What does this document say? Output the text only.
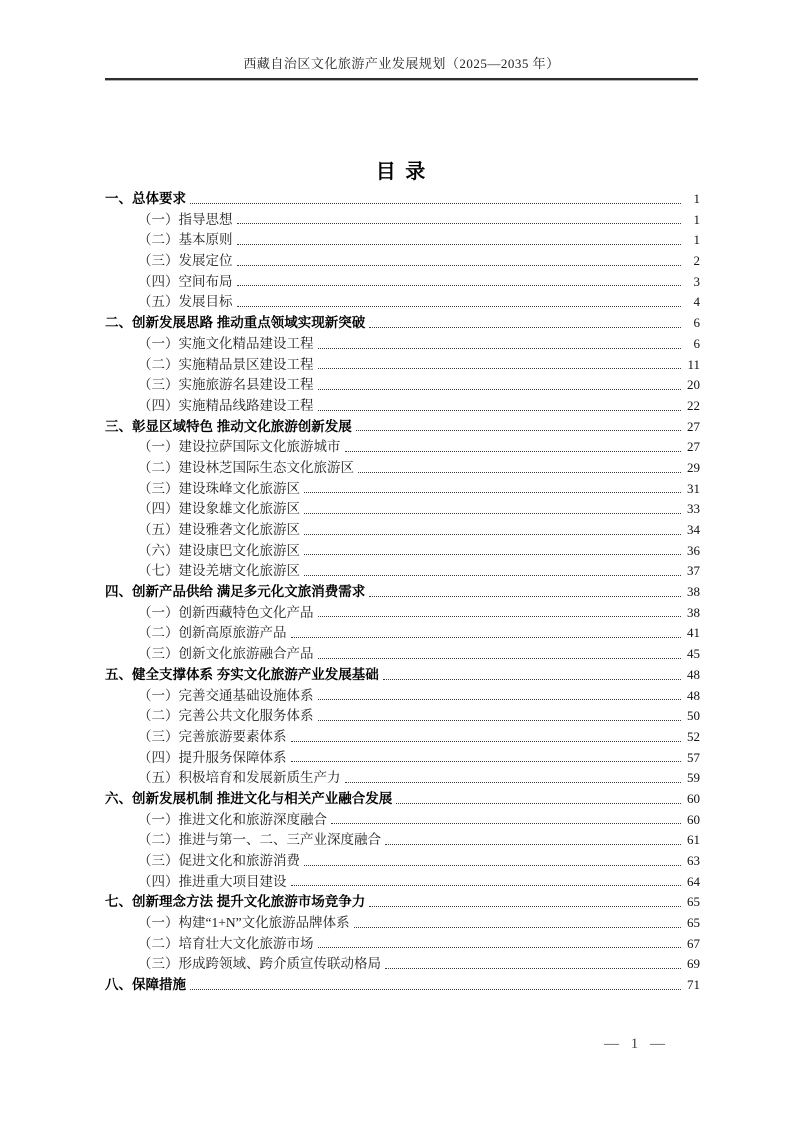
西藏自治区文化旅游产业发展规划（2025—2035 年）
目 录
一、总体要求	1
（一）指导思想	1
（二）基本原则	1
（三）发展定位	2
（四）空间布局	3
（五）发展目标	4
二、创新发展思路 推动重点领域实现新突破	6
（一）实施文化精品建设工程	6
（二）实施精品景区建设工程	11
（三）实施旅游名县建设工程	20
（四）实施精品线路建设工程	22
三、彰显区域特色 推动文化旅游创新发展	27
（一）建设拉萨国际文化旅游城市	27
（二）建设林芝国际生态文化旅游区	29
（三）建设珠峰文化旅游区	31
（四）建设象雄文化旅游区	33
（五）建设雅砻文化旅游区	34
（六）建设康巴文化旅游区	36
（七）建设羌塘文化旅游区	37
四、创新产品供给 满足多元化文旅消费需求	38
（一）创新西藏特色文化产品	38
（二）创新高原旅游产品	41
（三）创新文化旅游融合产品	45
五、健全支撑体系 夯实文化旅游产业发展基础	48
（一）完善交通基础设施体系	48
（二）完善公共文化服务体系	50
（三）完善旅游要素体系	52
（四）提升服务保障体系	57
（五）积极培育和发展新质生产力	59
六、创新发展机制 推进文化与相关产业融合发展	60
（一）推进文化和旅游深度融合	60
（二）推进与第一、二、三产业深度融合	61
（三）促进文化和旅游消费	63
（四）推进重大项目建设	64
七、创新理念方法 提升文化旅游市场竞争力	65
（一）构建“1+N”文化旅游品牌体系	65
（二）培育壮大文化旅游市场	67
（三）形成跨领域、跨介质宣传联动格局	69
八、保障措施	71
— 1 —
